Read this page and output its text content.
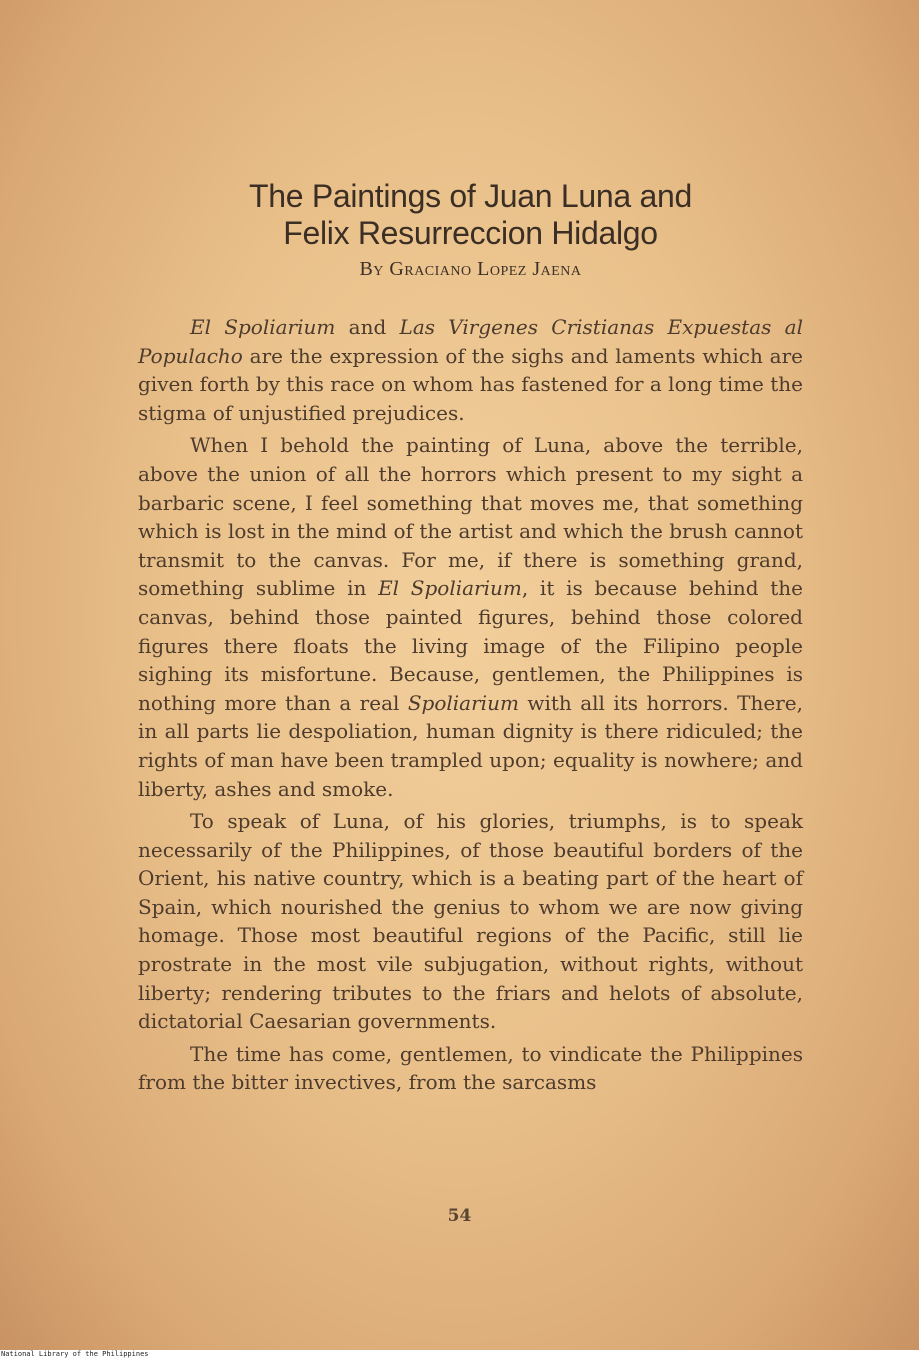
The Paintings of Juan Luna and
Felix Resurreccion Hidalgo
By Graciano Lopez Jaena

El Spoliarium and Las Virgenes Cristianas Expuestas al Populacho are the expression of the sighs and laments which are given forth by this race on whom has fastened for a long time the stigma of unjustified prejudices.

When I behold the painting of Luna, above the terrible, above the union of all the horrors which present to my sight a barbaric scene, I feel something that moves me, that something which is lost in the mind of the artist and which the brush cannot transmit to the canvas. For me, if there is something grand, something sublime in El Spoliarium, it is because behind the canvas, behind those painted figures, behind those colored figures there floats the living image of the Filipino people sighing its misfortune. Because, gentlemen, the Philippines is nothing more than a real Spoliarium with all its horrors. There, in all parts lie despoliation, human dignity is there ridiculed; the rights of man have been trampled upon; equality is nowhere; and liberty, ashes and smoke.

To speak of Luna, of his glories, triumphs, is to speak necessarily of the Philippines, of those beautiful borders of the Orient, his native country, which is a beating part of the heart of Spain, which nourished the genius to whom we are now giving homage. Those most beautiful regions of the Pacific, still lie prostrate in the most vile subjugation, without rights, without liberty; rendering tributes to the friars and helots of absolute, dictatorial Caesarian governments.

The time has come, gentlemen, to vindicate the Philippines from the bitter invectives, from the sarcasms

54
National Library of the Philippines
